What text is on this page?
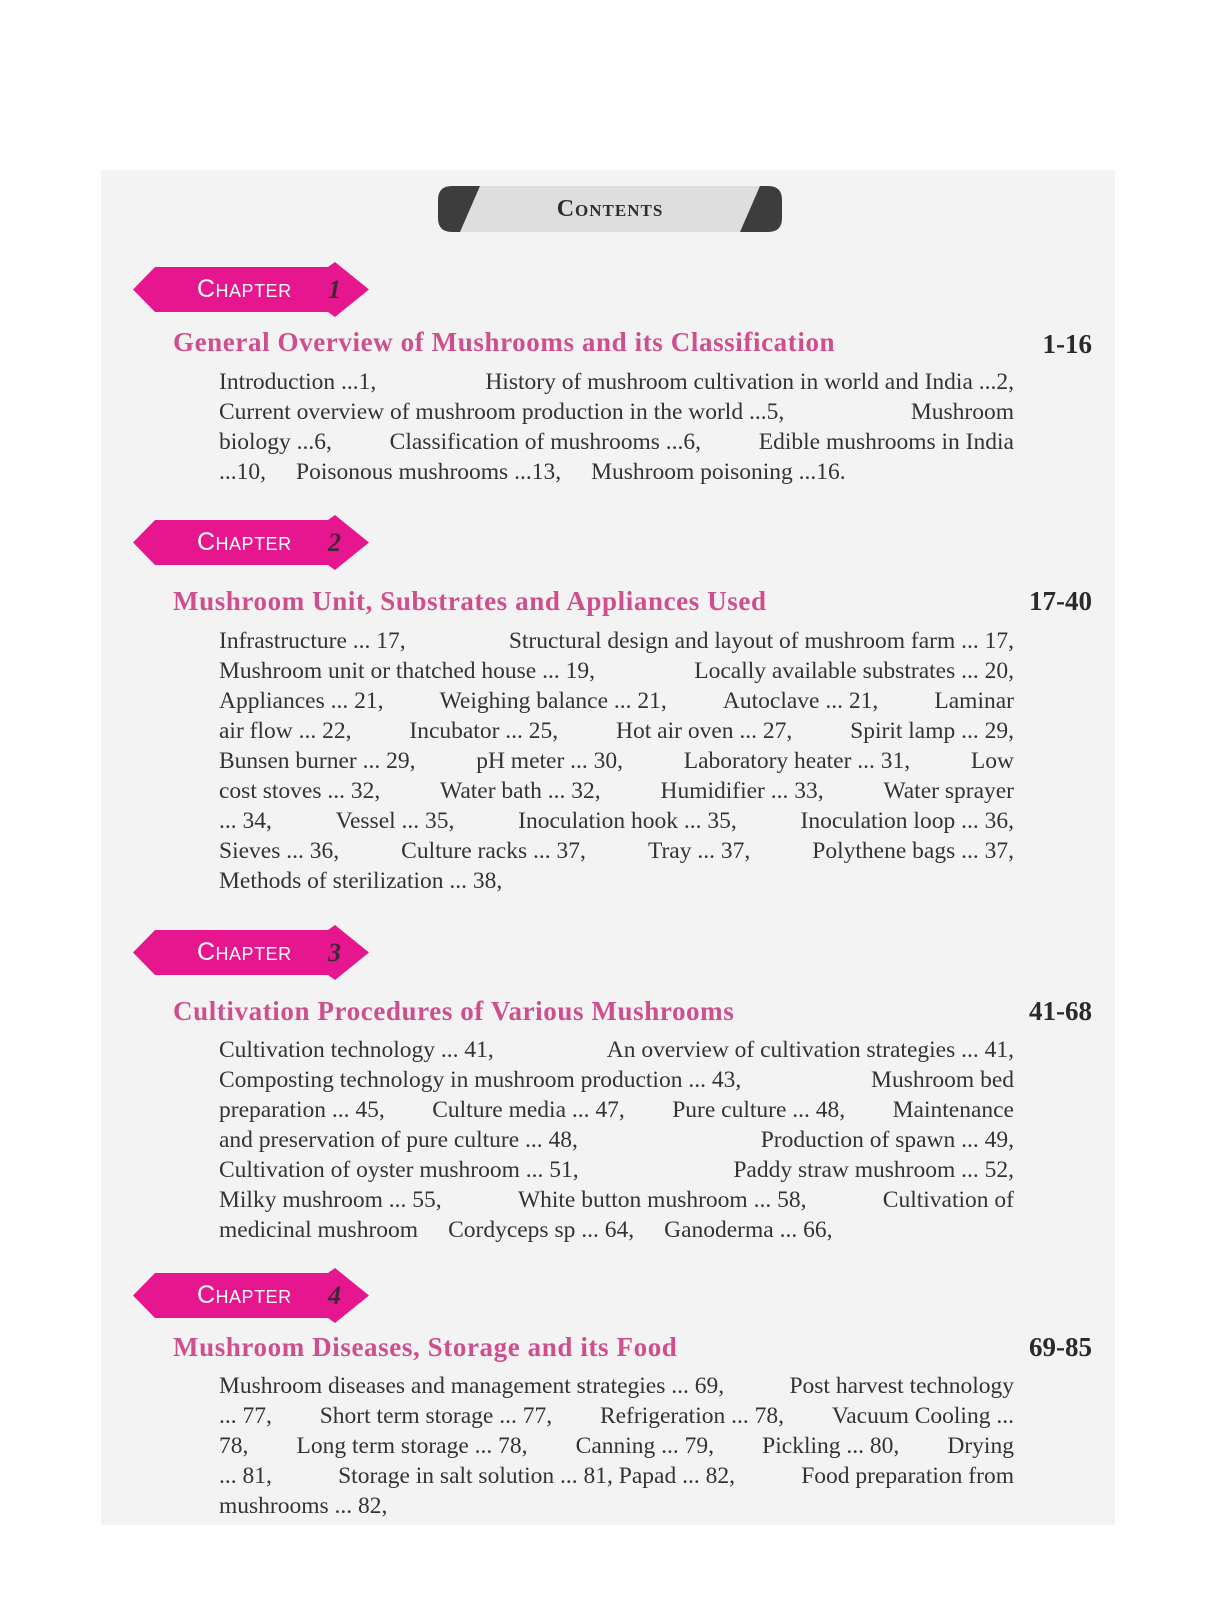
Contents
Chapter 1
General Overview of Mushrooms and its Classification	1-16
Introduction ...1,	History of mushroom cultivation in world and India ...2,
Current overview of mushroom production in the world ...5,	Mushroom
biology ...6, Classification of mushrooms ...6, Edible mushrooms in India
...10, Poisonous mushrooms ...13, Mushroom poisoning ...16.
Chapter 2
Mushroom Unit, Substrates and Appliances Used	17-40
Infrastructure ... 17,	Structural design and layout of mushroom farm ... 17,
Mushroom unit or thatched house ... 19,	Locally available substrates ... 20,
Appliances ... 21, Weighing balance ... 21, Autoclave ... 21, Laminar
air flow ... 22, Incubator ... 25, Hot air oven ... 27, Spirit lamp ... 29,
Bunsen burner ... 29,	pH meter ... 30,	Laboratory heater ... 31,	Low
cost stoves ... 32,	Water bath ... 32,	Humidifier ... 33,	Water sprayer
... 34,	Vessel ... 35,	Inoculation hook ... 35,	Inoculation loop ... 36,
Sieves ... 36,	Culture racks ... 37,	Tray ... 37,	Polythene bags ... 37,
Methods of sterilization ... 38,
Chapter 3
Cultivation Procedures of Various Mushrooms	41-68
Cultivation technology ... 41,	An overview of cultivation strategies ... 41,
Composting technology in mushroom production ... 43,	Mushroom bed
preparation ... 45, Culture media ... 47, Pure culture ... 48, Maintenance
and preservation of pure culture ... 48,	Production of spawn ... 49,
Cultivation of oyster mushroom ... 51,	Paddy straw mushroom ... 52,
Milky mushroom ... 55,	White button mushroom ... 58,	Cultivation of
medicinal mushroom Cordyceps sp ... 64, Ganoderma ... 66,
Chapter 4
Mushroom Diseases, Storage and its Food	69-85
Mushroom diseases and management strategies ... 69,	Post harvest technology
... 77, Short term storage ... 77, Refrigeration ... 78, Vacuum Cooling ...
78, Long term storage ... 78, Canning ... 79, Pickling ... 80, Drying
... 81,	Storage in salt solution ... 81, Papad ... 82,	Food preparation from
mushrooms ... 82,
